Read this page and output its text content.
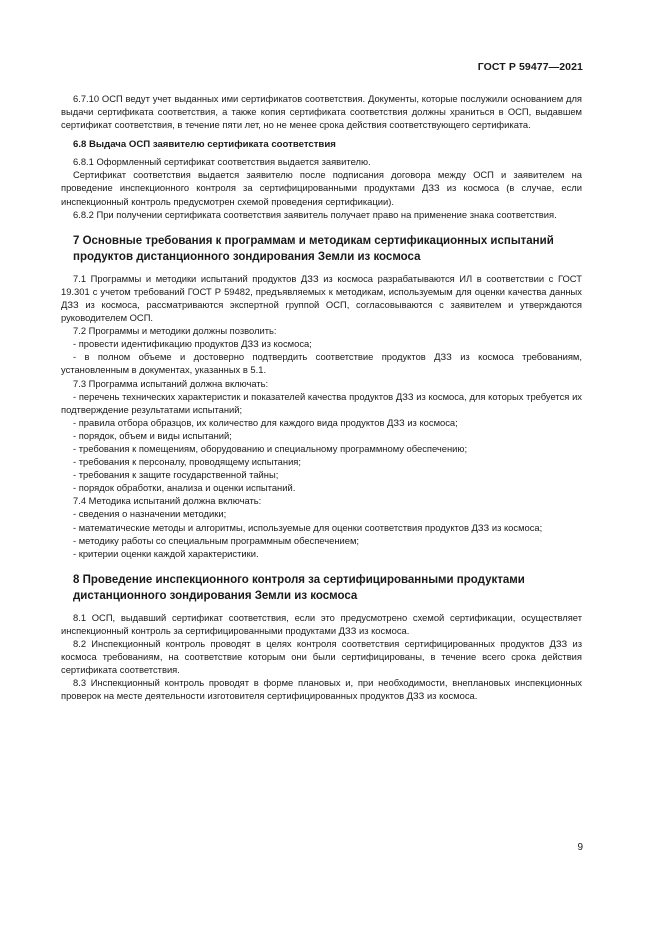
ГОСТ Р 59477—2021
6.7.10 ОСП ведут учет выданных ими сертификатов соответствия. Документы, которые послужили основанием для выдачи сертификата соответствия, а также копия сертификата соответствия должны храниться в ОСП, выдавшем сертификат соответствия, в течение пяти лет, но не менее срока действия соответствующего сертификата.
6.8 Выдача ОСП заявителю сертификата соответствия
6.8.1 Оформленный сертификат соответствия выдается заявителю.
Сертификат соответствия выдается заявителю после подписания договора между ОСП и заявителем на проведение инспекционного контроля за сертифицированными продуктами ДЗЗ из космоса (в случае, если инспекционный контроль предусмотрен схемой проведения сертификации).
6.8.2 При получении сертификата соответствия заявитель получает право на применение знака соответствия.
7 Основные требования к программам и методикам сертификационных испытаний продуктов дистанционного зондирования Земли из космоса
7.1 Программы и методики испытаний продуктов ДЗЗ из космоса разрабатываются ИЛ в соответствии с ГОСТ 19.301 с учетом требований ГОСТ Р 59482, предъявляемых к методикам, используемым для оценки качества данных ДЗЗ из космоса, рассматриваются экспертной группой ОСП, согласовываются с заявителем и утверждаются руководителем ОСП.
7.2 Программы и методики должны позволить:
- провести идентификацию продуктов ДЗЗ из космоса;
- в полном объеме и достоверно подтвердить соответствие продуктов ДЗЗ из космоса требованиям, установленным в документах, указанных в 5.1.
7.3 Программа испытаний должна включать:
- перечень технических характеристик и показателей качества продуктов ДЗЗ из космоса, для которых требуется их подтверждение результатами испытаний;
- правила отбора образцов, их количество для каждого вида продуктов ДЗЗ из космоса;
- порядок, объем и виды испытаний;
- требования к помещениям, оборудованию и специальному программному обеспечению;
- требования к персоналу, проводящему испытания;
- требования к защите государственной тайны;
- порядок обработки, анализа и оценки испытаний.
7.4 Методика испытаний должна включать:
- сведения о назначении методики;
- математические методы и алгоритмы, используемые для оценки соответствия продуктов ДЗЗ из космоса;
- методику работы со специальным программным обеспечением;
- критерии оценки каждой характеристики.
8 Проведение инспекционного контроля за сертифицированными продуктами дистанционного зондирования Земли из космоса
8.1 ОСП, выдавший сертификат соответствия, если это предусмотрено схемой сертификации, осуществляет инспекционный контроль за сертифицированными продуктами ДЗЗ из космоса.
8.2 Инспекционный контроль проводят в целях контроля соответствия сертифицированных продуктов ДЗЗ из космоса требованиям, на соответствие которым они были сертифицированы, в течение всего срока действия сертификата соответствия.
8.3 Инспекционный контроль проводят в форме плановых и, при необходимости, внеплановых инспекционных проверок на месте деятельности изготовителя сертифицированных продуктов ДЗЗ из космоса.
9
